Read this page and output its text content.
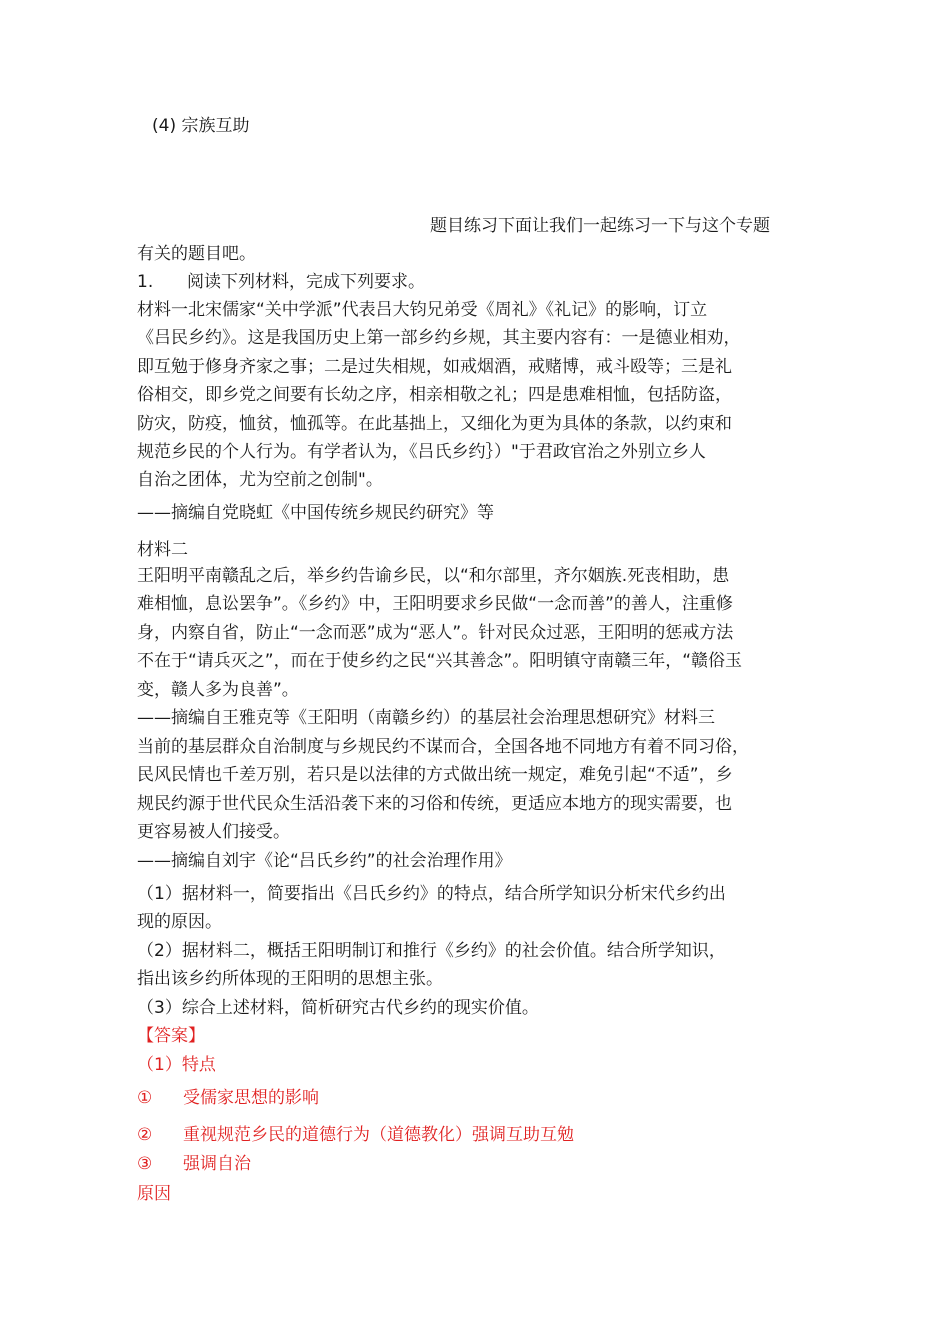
(4) 宗族互助
题目练习下面让我们一起练习一下与这个专题
有关的题目吧。
1. 阅读下列材料，完成下列要求。
材料一北宋儒家“关中学派”代表吕大钧兄弟受《周礼》《礼记》的影响，订立
《吕民乡约》。这是我国历史上第一部乡约乡规，其主要内容有：一是德业相劝，
即互勉于修身齐家之事；二是过失相规，如戒烟酒，戒赌博，戒斗殴等；三是礼
俗相交，即乡党之间要有长幼之序，相亲相敬之礼；四是患难相恤，包括防盗，
防灾，防疫，恤贫，恤孤等。在此基拙上，又细化为更为具体的条款，以约束和
规范乡民的个人行为。有学者认为，《吕氏乡约｝）"于君政官治之外别立乡人
自治之团体，尤为空前之创制"。
——摘编自党晓虹《中国传统乡规民约研究》等
材料二
王阳明平南赣乱之后，举乡约告谕乡民，以“和尔部里，齐尔姻族.死丧相助，患
难相恤，息讼罢争”。《乡约》中，王阳明要求乡民做“一念而善”的善人，注重修
身，内察自省，防止“一念而恶”成为“恶人”。针对民众过恶，王阳明的惩戒方法
不在于“请兵灭之”，而在于使乡约之民“兴其善念”。阳明镇守南赣三年，“赣俗玉
变，赣人多为良善”。
——摘编自王雅克等《王阳明（南赣乡约）的基层社会治理思想研究》材料三
当前的基层群众自治制度与乡规民约不谋而合，全国各地不同地方有着不同习俗，
民风民情也千差万别，若只是以法律的方式做出统一规定，难免引起“不适”，乡
规民约源于世代民众生活沿袭下来的习俗和传统，更适应本地方的现实需要，也
更容易被人们接受。
——摘编自刘宇《论“吕氏乡约”的社会治理作用》
（1）据材料一，简要指出《吕氏乡约》的特点，结合所学知识分析宋代乡约出
现的原因。
（2）据材料二，概括王阳明制订和推行《乡约》的社会价值。结合所学知识，
指出该乡约所体现的王阳明的思想主张。
（3）综合上述材料，简析研究古代乡约的现实价值。
【答案】
（1）特点
① 受儒家思想的影响
② 重视规范乡民的道德行为（道德教化）强调互助互勉
③ 强调自治
原因
